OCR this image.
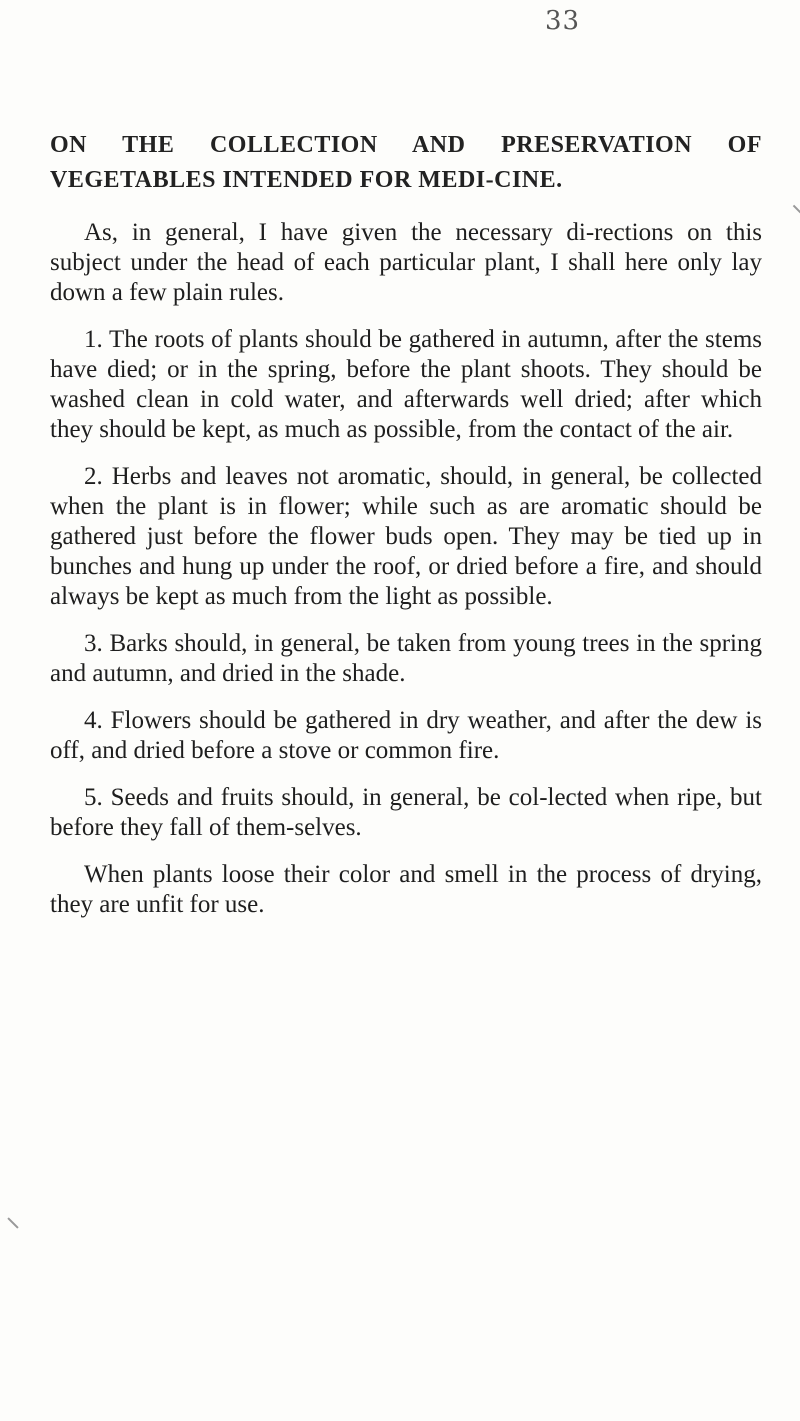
33
ON THE COLLECTION AND PRESERVATION OF VEGETABLES INTENDED FOR MEDI-CINE.

As, in general, I have given the necessary di-rections on this subject under the head of each particular plant, I shall here only lay down a few plain rules.

1. The roots of plants should be gathered in autumn, after the stems have died; or in the spring, before the plant shoots. They should be washed clean in cold water, and afterwards well dried; after which they should be kept, as much as possible, from the contact of the air.

2. Herbs and leaves not aromatic, should, in general, be collected when the plant is in flower; while such as are aromatic should be gathered just before the flower buds open. They may be tied up in bunches and hung up under the roof, or dried before a fire, and should always be kept as much from the light as possible.

3. Barks should, in general, be taken from young trees in the spring and autumn, and dried in the shade.

4. Flowers should be gathered in dry weather, and after the dew is off, and dried before a stove or common fire.

5. Seeds and fruits should, in general, be col-lected when ripe, but before they fall of them-selves.

When plants loose their color and smell in the process of drying, they are unfit for use.
